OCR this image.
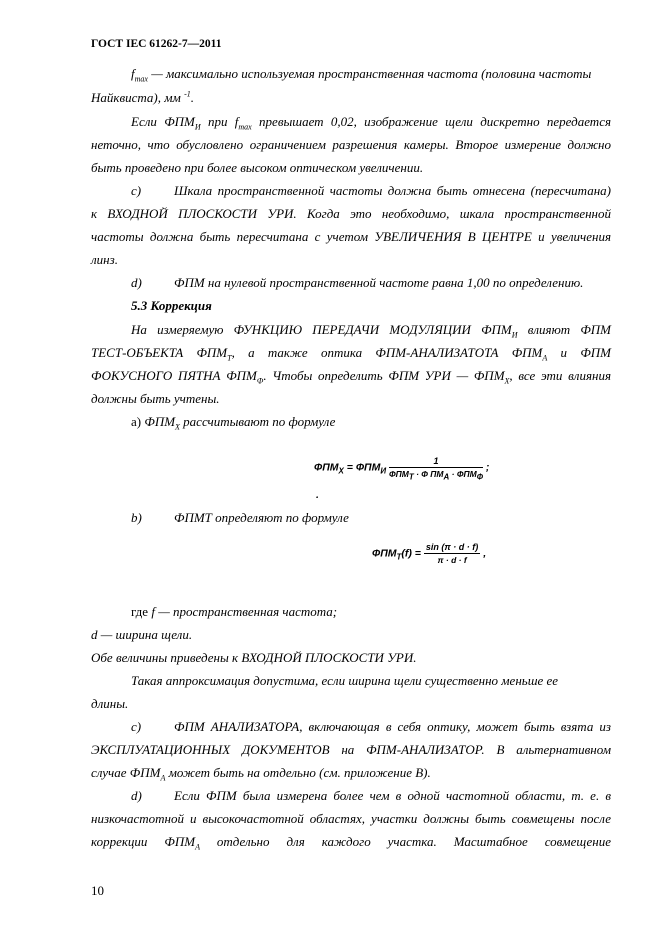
ГОСТ IEC 61262-7—2011
$f_{max}$ — максимально используемая пространственная частота (половина частоты
Найквиста), мм $^{-1}$.
Если $ФПМ_И$ при $f_{max}$ превышает 0,02, изображение щели дискретно передается
неточно, что обусловлено ограничением разрешения камеры. Второе измерение должно
быть проведено при более высоком оптическом увеличении.
c)	Шкала пространственной частоты должна быть отнесена (пересчитана)
к ВХОДНОЙ ПЛОСКОСТИ УРИ. Когда это необходимо, шкала пространственной
частоты должна быть пересчитана с учетом УВЕЛИЧЕНИЯ В ЦЕНТРЕ и увеличения
линз.
d) ФПМ на нулевой пространственной частоте равна 1,00 по определению.
5.3 Коррекция
На измеряемую ФУНКЦИЮ ПЕРЕДАЧИ МОДУЛЯЦИИ $ФПМ_И$ влияют ФПМ
ТЕСТ-ОБЪЕКТА $ФПМ_Т$, а также оптика ФПМ-АНАЛИЗАТОТА $ФПМ_А$ и ФПМ
ФОКУСНОГО ПЯТНА $ФПМ_Ф$. Чтобы определить ФПМ УРИ — $ФПМ_Х$, все эти влияния
должны быть учтены.
а) $ФПМ_Х$ рассчитывают по формуле
$ФПМ_X = ФПМ_И \frac{1}{ФПМ_Т \cdot Ф ПМ_А \cdot ФПМ_Ф}$ ;
.
b) ФПМТ определяют по формуле
$ФПМ_Т(f) = \frac{\sin (\pi \cdot d \cdot f)}{\pi \cdot d \cdot f}$ ,
где f — пространственная частота;
d — ширина щели.
Обе величины приведены к ВХОДНОЙ ПЛОСКОСТИ УРИ.
Такая аппроксимация допустима, если ширина щели существенно меньше ее
длины.
c)	ФПМ АНАЛИЗАТОРА, включающая в себя оптику, может быть взята из
ЭКСПЛУАТАЦИОННЫХ ДОКУМЕНТОВ на ФПМ-АНАЛИЗАТОР. В альтернативном
случае $ФПМ_А$ может быть на отдельно (см. приложение В).
d) Если ФПМ была измерена более чем в одной частотной области, т. е. в
низкочастотной и высокочастотной областях, участки должны быть совмещены после
коррекции $ФПМ_А$ отдельно для каждого участка. Масштабное совмещение
10
